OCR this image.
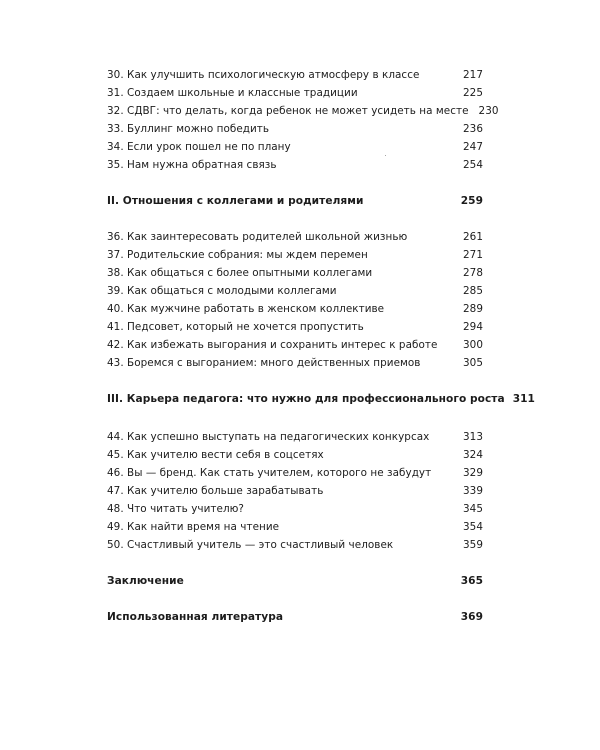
30. Как улучшить психологическую атмосферу в классе	217
31. Создаем школьные и классные традиции	225
32. СДВГ: что делать, когда ребенок не может усидеть на месте 230
33. Буллинг можно победить	236
34. Если урок пошел не по плану	247
35. Нам нужна обратная связь	254
II. Отношения с коллегами и родителями	259
36. Как заинтересовать родителей школьной жизнью	261
37. Родительские собрания: мы ждем перемен	271
38. Как общаться с более опытными коллегами	278
39. Как общаться с молодыми коллегами	285
40. Как мужчине работать в женском коллективе	289
41. Педсовет, который не хочется пропустить	294
42. Как избежать выгорания и сохранить интерес к работе	300
43. Боремся с выгоранием: много действенных приемов	305
III. Карьера педагога: что нужно для профессионального роста 311
44. Как успешно выступать на педагогических конкурсах	313
45. Как учителю вести себя в соцсетях	324
46. Вы — бренд. Как стать учителем, которого не забудут	329
47. Как учителю больше зарабатывать	339
48. Что читать учителю?	345
49. Как найти время на чтение	354
50. Счастливый учитель — это счастливый человек	359
Заключение	365
Использованная литература	369
